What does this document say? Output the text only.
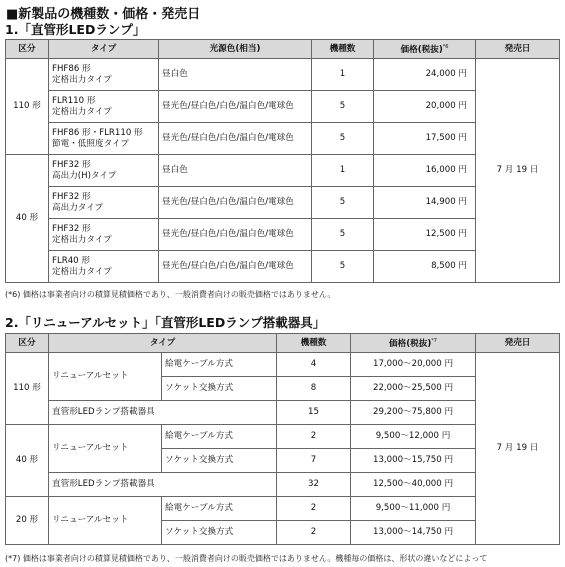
■新製品の機種数・価格・発売日
1.「直管形LEDランプ」
区分	タイプ	光源色(相当)	機種数	価格(税抜)$^{*6}$	発売日
110 形	FHF86 形
定格出力タイプ	昼白色	1	24,000 円	7 月 19 日

	FLR110 形
定格出力タイプ	昼光色/昼白色/白色/温白色/電球色	5	20,000 円	

	FHF86 形・FLR110 形
節電・低照度タイプ	昼光色/昼白色/白色/温白色/電球色	5	17,500 円	
40 形	FHF32 形
高出力(H)タイプ	昼白色	1	16,000 円	

	FHF32 形
高出力タイプ	昼光色/昼白色/白色/温白色/電球色	5	14,900 円	

	FHF32 形
定格出力タイプ	昼光色/昼白色/白色/温白色/電球色	5	12,500 円	

	FLR40 形
定格出力タイプ	昼光色/昼白色/白色/温白色/電球色	5	8,500 円	
(*6) 価格は事業者向けの積算見積価格であり、一般消費者向けの販売価格ではありません。
2.「リニューアルセット」「直管形LEDランプ搭載器具」
区分	タイプ		機種数	価格(税抜)$^{*7}$	発売日
110 形	リニューアルセット	給電ケーブル方式	4	17,000～20,000 円	7 月 19 日
		ソケット交換方式	8	22,000～25,500 円	
	直管形LEDランプ搭載器具		15	29,200～75,800 円	
40 形	リニューアルセット	給電ケーブル方式	2	9,500～12,000 円	
		ソケット交換方式	7	13,000～15,750 円	
	直管形LEDランプ搭載器具		32	12,500～40,000 円	
20 形	リニューアルセット	給電ケーブル方式	2	9,500～11,000 円	
		ソケット交換方式	2	13,000～14,750 円	
(*7) 価格は事業者向けの積算見積価格であり、一般消費者向けの販売価格ではありません。機種毎の価格は、形状の違いなどによって
